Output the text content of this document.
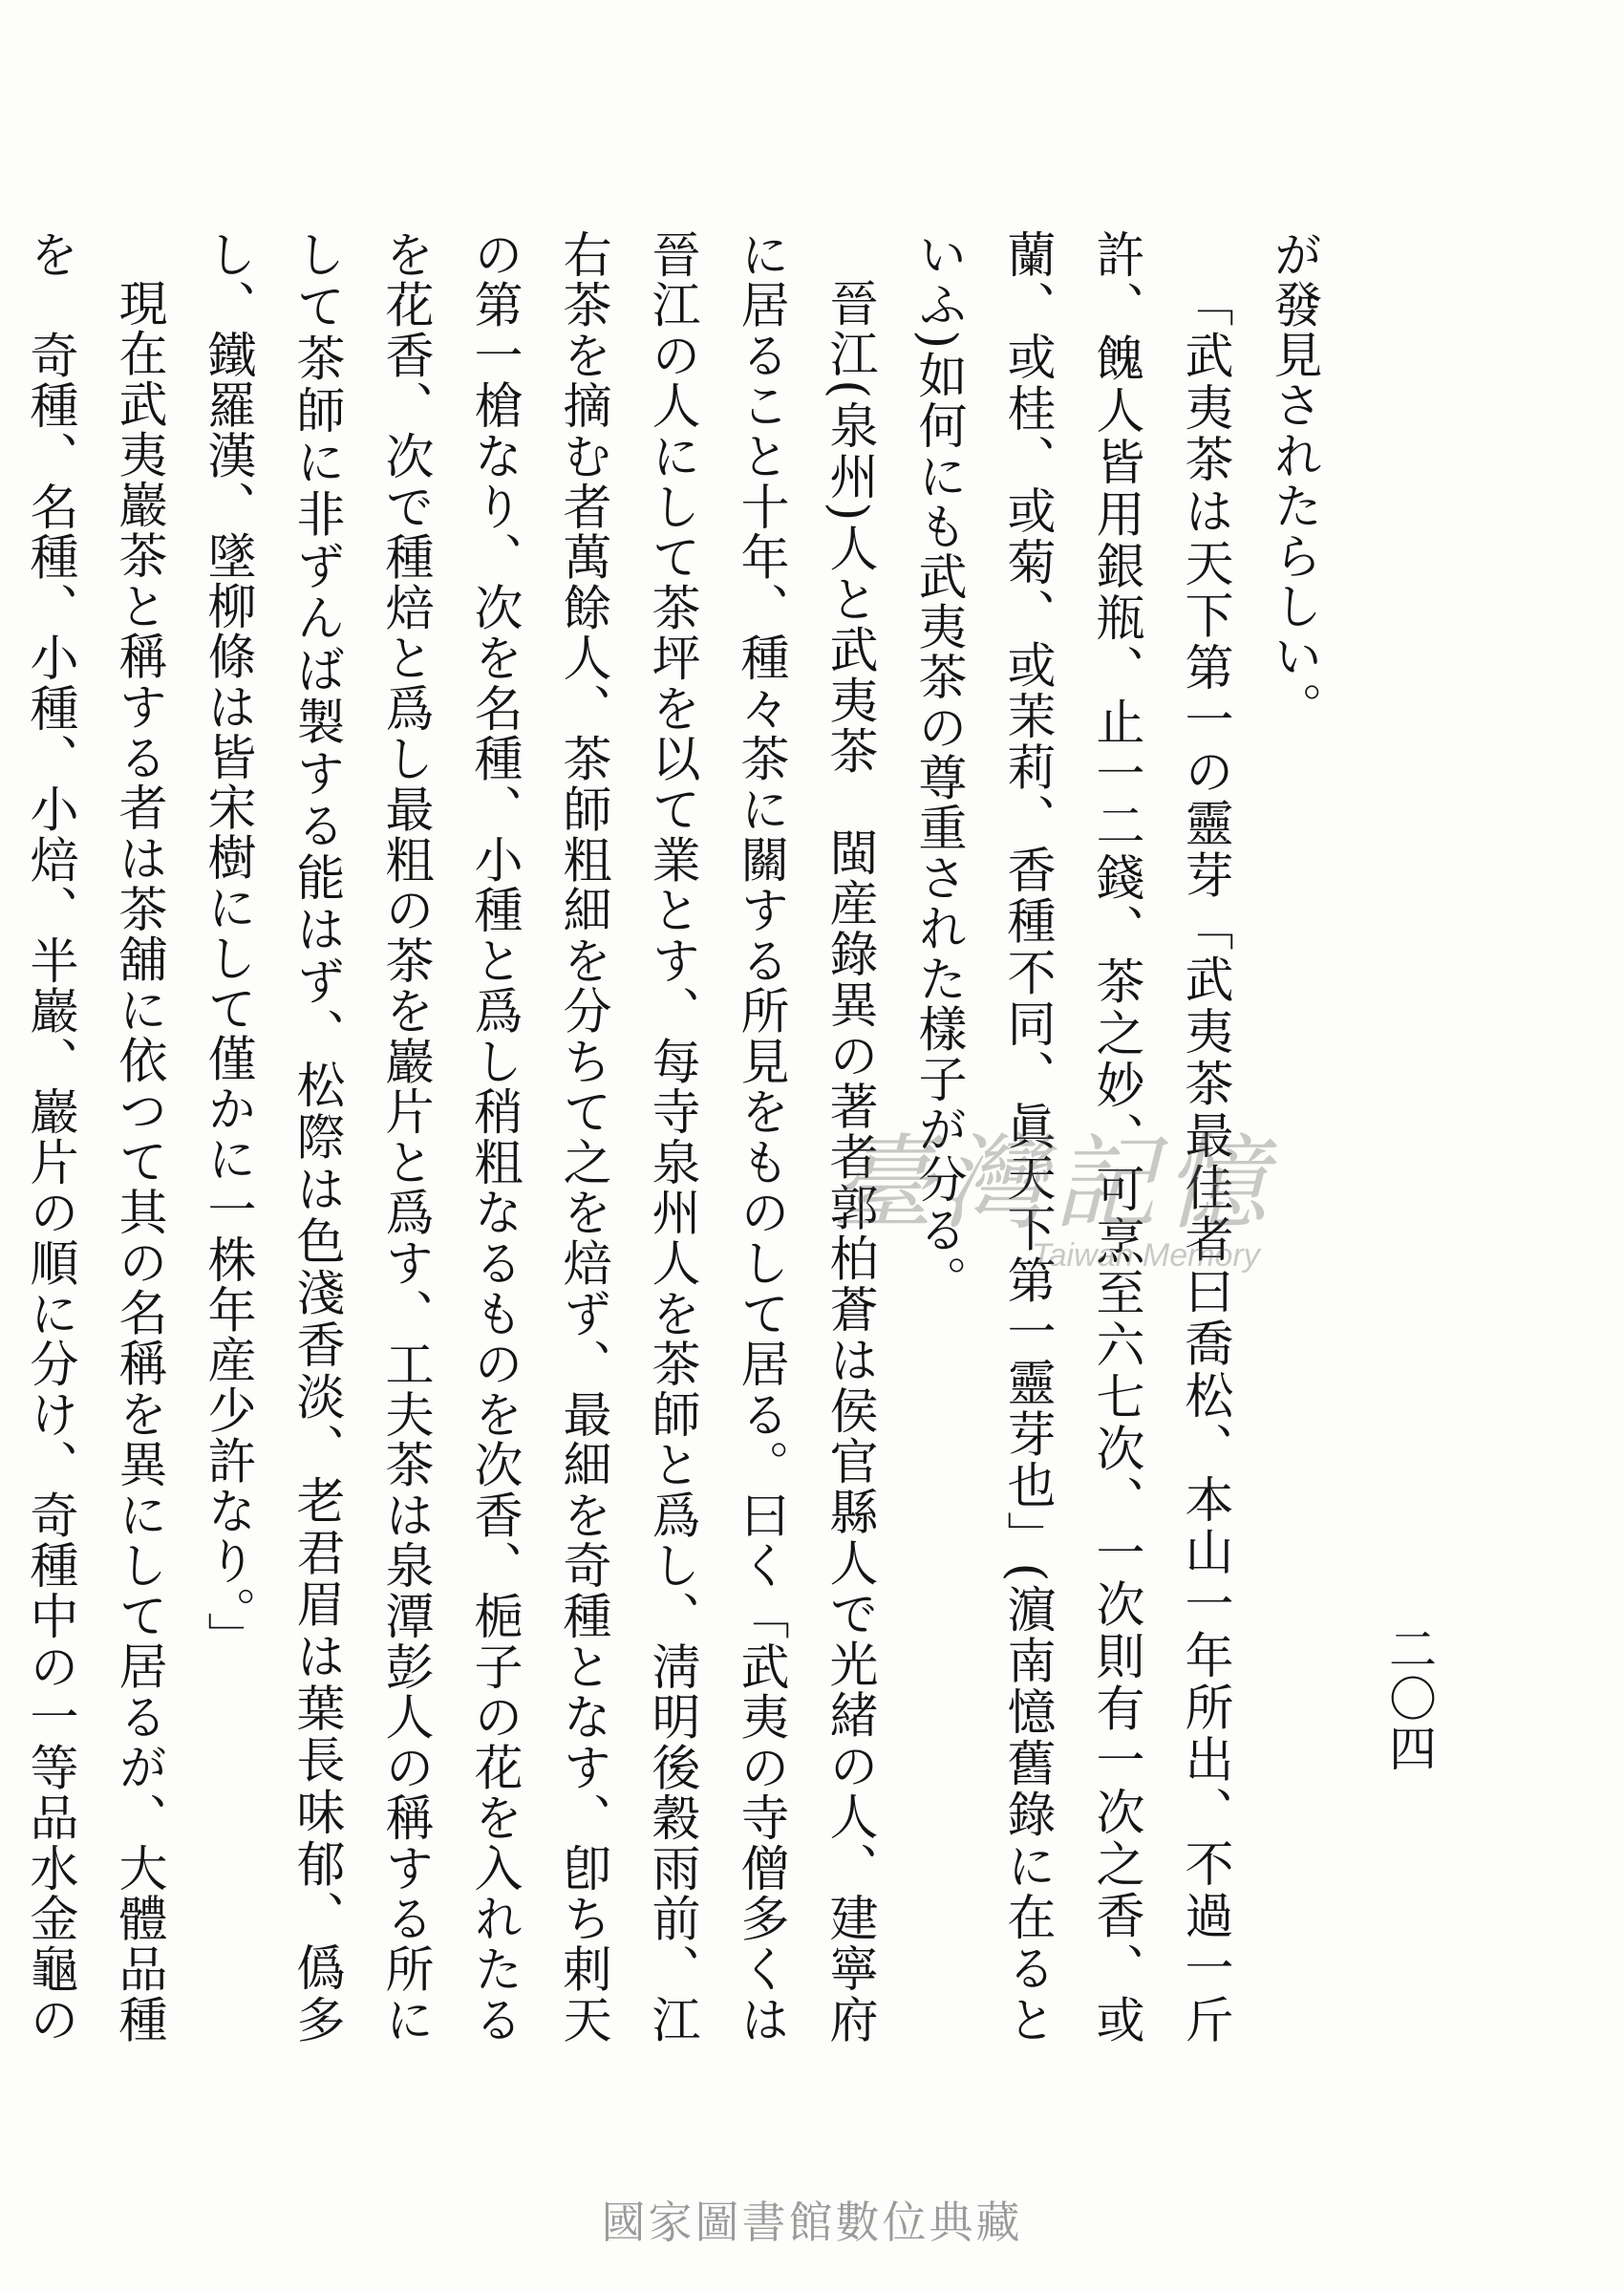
二〇四

が發見されたらしい。

「武夷茶は天下第一の靈芽「武夷茶最佳者曰喬松、本山一年所出、不過一斤許、餽人皆用銀瓶、止一二錢、茶之妙、可烹至六七次、一次則有一次之香、或蘭、或桂、或菊、或茉莉、香種不同、眞天下第一靈芽也」(濵南憶舊錄に在るといふ)如何にも武夷茶の尊重された樣子が分る。

晉江(泉州)人と武夷茶　閩産錄異の著者郭柏蒼は侯官縣人で光緒の人、建寧府に居ること十年、種々茶に關する所見をものして居る。曰く「武夷の寺僧多くは晉江の人にして茶坪を以て業とす、每寺泉州人を茶師と爲し、淸明後穀雨前、江右茶を摘む者萬餘人、茶師粗細を分ちて之を焙ず、最細を奇種となす、卽ち剌天の第一槍なり、次を名種、小種と爲し稍粗なるものを次香、梔子の花を入れたるを花香、次で種焙と爲し最粗の茶を巖片と爲す、工夫茶は泉潭彭人の稱する所にして茶師に非ずんば製する能はず、松際は色淺香淡、老君眉は葉長味郁、僞多し、鐵羅漢、墜柳條は皆宋樹にして僅かに一株年産少許なり。」

現在武夷巖茶と稱する者は茶舖に依つて其の名稱を異にして居るが、大體品種を　奇種、名種、小種、小焙、半巖、巖片の順に分け、奇種中の一等品水金龜の

臺灣記憶
Taiwan Memory
國家圖書館數位典藏
